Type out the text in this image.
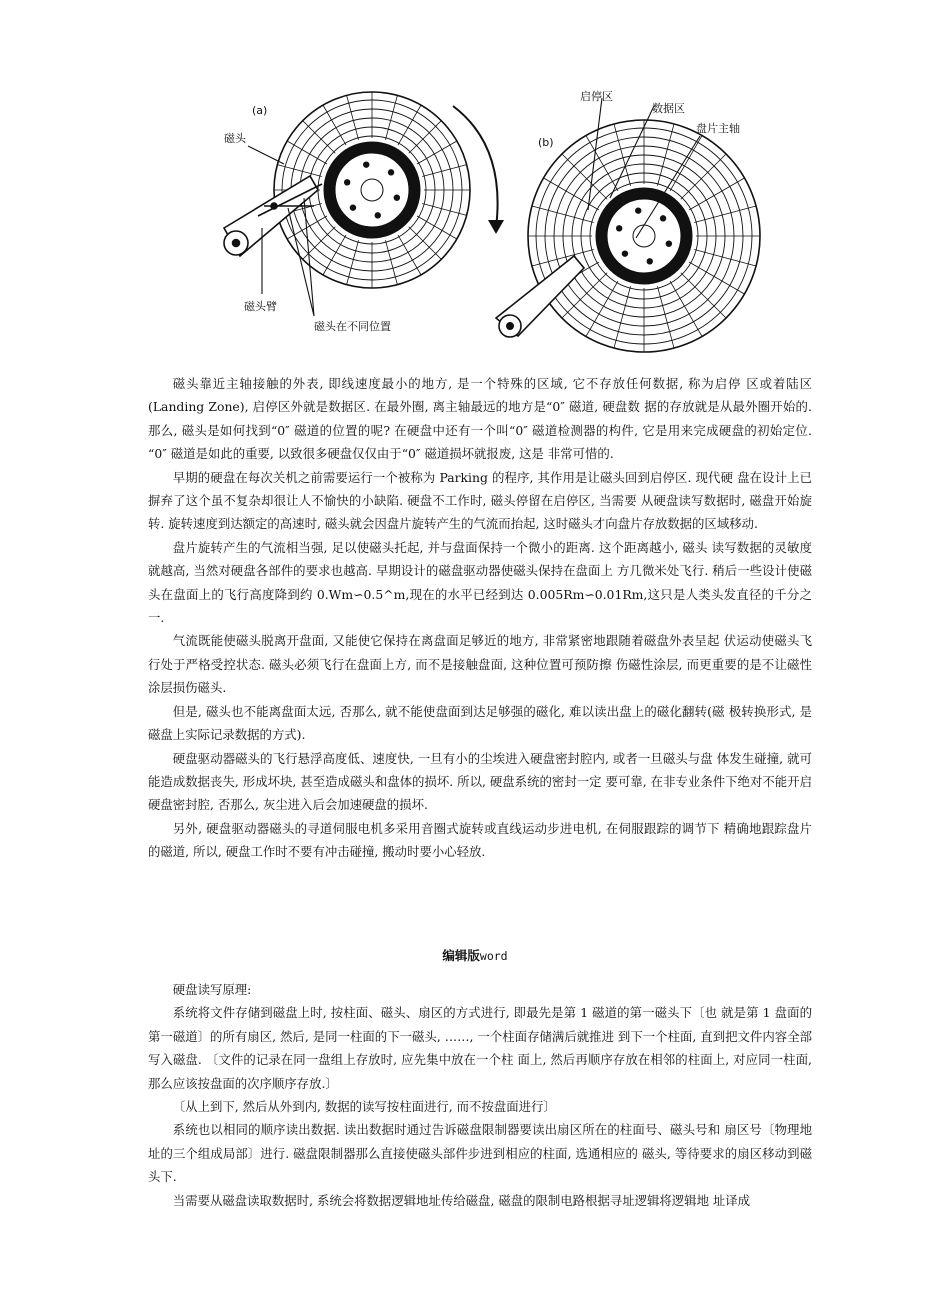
(a)
磁头
磁头臂
磁头在不同位置
(b)
启停区
数据区
盘片主轴

磁头靠近主轴接触的外表, 即线速度最小的地方, 是一个特殊的区域, 它不存放任何数据, 称为启停 区或着陆区 (Landing Zone), 启停区外就是数据区. 在最外圈, 离主轴最远的地方是“0″ 磁道, 硬盘数 据的存放就是从最外圈开始的. 那么, 磁头是如何找到“0″ 磁道的位置的呢? 在硬盘中还有一个叫“0″ 磁道检测器的构件, 它是用来完成硬盘的初始定位. “0″ 磁道是如此的重要, 以致很多硬盘仅仅由于“0″ 磁道损坏就报废, 这是 非常可惜的.

早期的硬盘在每次关机之前需要运行一个被称为 Parking 的程序, 其作用是让磁头回到启停区. 现代硬 盘在设计上已摒弃了这个虽不复杂却很让人不愉快的小缺陷. 硬盘不工作时, 磁头停留在启停区, 当需要 从硬盘读写数据时, 磁盘开始旋转. 旋转速度到达额定的高速时, 磁头就会因盘片旋转产生的气流而抬起, 这时磁头才向盘片存放数据的区域移动.

盘片旋转产生的气流相当强, 足以使磁头托起, 并与盘面保持一个微小的距离. 这个距离越小, 磁头 读写数据的灵敏度就越高, 当然对硬盘各部件的要求也越高. 早期设计的磁盘驱动器使磁头保持在盘面上 方几微米处飞行. 稍后一些设计使磁头在盘面上的飞行高度降到约 0.Wm∽0.5^m,现在的水平已经到达 0.005Rm∽0.01Rm,这只是人类头发直径的千分之一.

气流既能使磁头脱离开盘面, 又能使它保持在离盘面足够近的地方, 非常紧密地跟随着磁盘外表呈起 伏运动使磁头飞行处于严格受控状态. 磁头必须飞行在盘面上方, 而不是接触盘面, 这种位置可预防擦 伤磁性涂层, 而更重要的是不让磁性涂层损伤磁头.

但是, 磁头也不能离盘面太远, 否那么, 就不能使盘面到达足够强的磁化, 难以读出盘上的磁化翻转(磁 极转换形式, 是磁盘上实际记录数据的方式).

硬盘驱动器磁头的飞行悬浮高度低、速度快, 一旦有小的尘埃进入硬盘密封腔内, 或者一旦磁头与盘 体发生碰撞, 就可能造成数据丧失, 形成坏块, 甚至造成磁头和盘体的损坏. 所以, 硬盘系统的密封一定 要可靠, 在非专业条件下绝对不能开启硬盘密封腔, 否那么, 灰尘进入后会加速硬盘的损坏.

另外, 硬盘驱动器磁头的寻道伺服电机多采用音圈式旋转或直线运动步进电机, 在伺服跟踪的调节下 精确地跟踪盘片的磁道, 所以, 硬盘工作时不要有冲击碰撞, 搬动时要小心轻放.

编辑版word

硬盘读写原理:

系统将文件存储到磁盘上时, 按柱面、磁头、扇区的方式进行, 即最先是第 1 磁道的第一磁头下〔也 就是第 1 盘面的第一磁道〕的所有扇区, 然后, 是同一柱面的下一磁头, ……, 一个柱面存储满后就推进 到下一个柱面, 直到把文件内容全部写入磁盘. 〔文件的记录在同一盘组上存放时, 应先集中放在一个柱 面上, 然后再顺序存放在相邻的柱面上, 对应同一柱面, 那么应该按盘面的次序顺序存放.〕

〔从上到下, 然后从外到内, 数据的读写按柱面进行, 而不按盘面进行〕

系统也以相同的顺序读出数据. 读出数据时通过告诉磁盘限制器要读出扇区所在的柱面号、磁头号和 扇区号〔物理地址的三个组成局部〕进行. 磁盘限制器那么直接使磁头部件步进到相应的柱面, 选通相应的 磁头, 等待要求的扇区移动到磁头下.

当需要从磁盘读取数据时, 系统会将数据逻辑地址传给磁盘, 磁盘的限制电路根据寻址逻辑将逻辑地 址译成
